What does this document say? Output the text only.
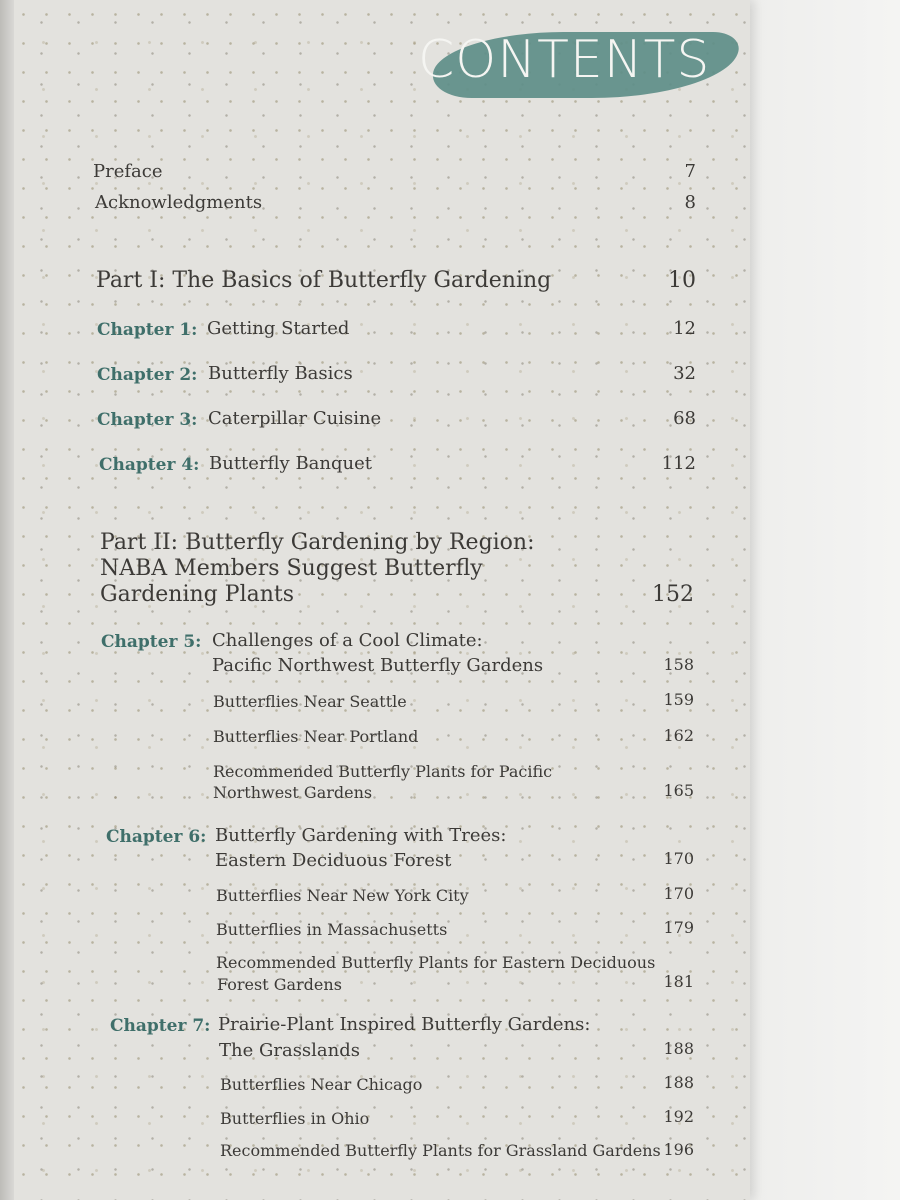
CONTENTS
Preface	7
Acknowledgments	8
Part I: The Basics of Butterfly Gardening	10
Chapter 1: Getting Started	12
Chapter 2: Butterfly Basics	32
Chapter 3: Caterpillar Cuisine	68
Chapter 4: Butterfly Banquet	112
Part II: Butterfly Gardening by Region:
NABA Members Suggest Butterfly
Gardening Plants	152
Chapter 5: Challenges of a Cool Climate:
Pacific Northwest Butterfly Gardens	158
Butterflies Near Seattle	159
Butterflies Near Portland	162
Recommended Butterfly Plants for Pacific
Northwest Gardens	165
Chapter 6: Butterfly Gardening with Trees:
Eastern Deciduous Forest	170
Butterflies Near New York City	170
Butterflies in Massachusetts	179
Recommended Butterfly Plants for Eastern Deciduous
Forest Gardens	181
Chapter 7: Prairie-Plant Inspired Butterfly Gardens:
The Grasslands	188
Butterflies Near Chicago	188
Butterflies in Ohio	192
Recommended Butterfly Plants for Grassland Gardens 196
